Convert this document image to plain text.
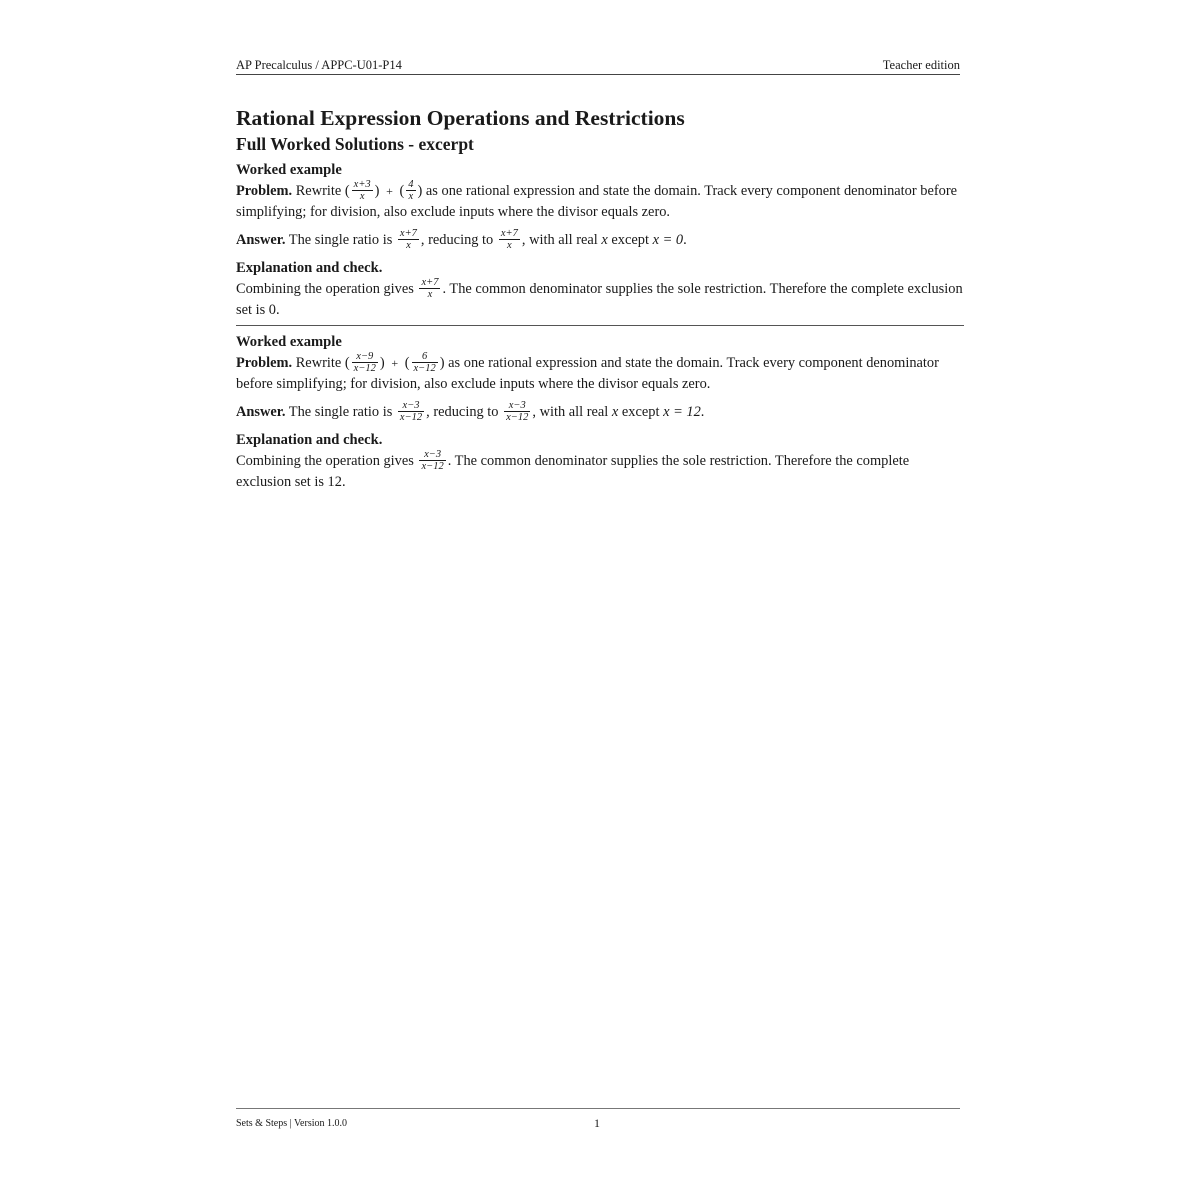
AP Precalculus / APPC-U01-P14	Teacher edition
Rational Expression Operations and Restrictions
Full Worked Solutions - excerpt
Worked example

Problem. Rewrite ( $\frac{x+3}{x}$ ) + ( $\frac{4}{x}$ ) as one rational expression and state the domain. Track every component denominator before simplifying; for division, also exclude inputs where the divisor equals zero.

Answer. The single ratio is $\frac{x+7}{x}$ , reducing to $\frac{x+7}{x}$ , with all real x except x = 0.

Explanation and check.

Combining the operation gives $\frac{x+7}{x}$ . The common denominator supplies the sole restriction. Therefore the complete exclusion set is 0.

Worked example

Problem. Rewrite ( $\frac{x-9}{x-12}$ ) + ( $\frac{6}{x-12}$ ) as one rational expression and state the domain. Track every component denominator before simplifying; for division, also exclude inputs where the divisor equals zero.

Answer. The single ratio is $\frac{x-3}{x-12}$ , reducing to $\frac{x-3}{x-12}$ , with all real x except x = 12.

Explanation and check.

Combining the operation gives $\frac{x-3}{x-12}$ . The common denominator supplies the sole restriction. Therefore the complete exclusion set is 12.

Sets & Steps | Version 1.0.0	1
